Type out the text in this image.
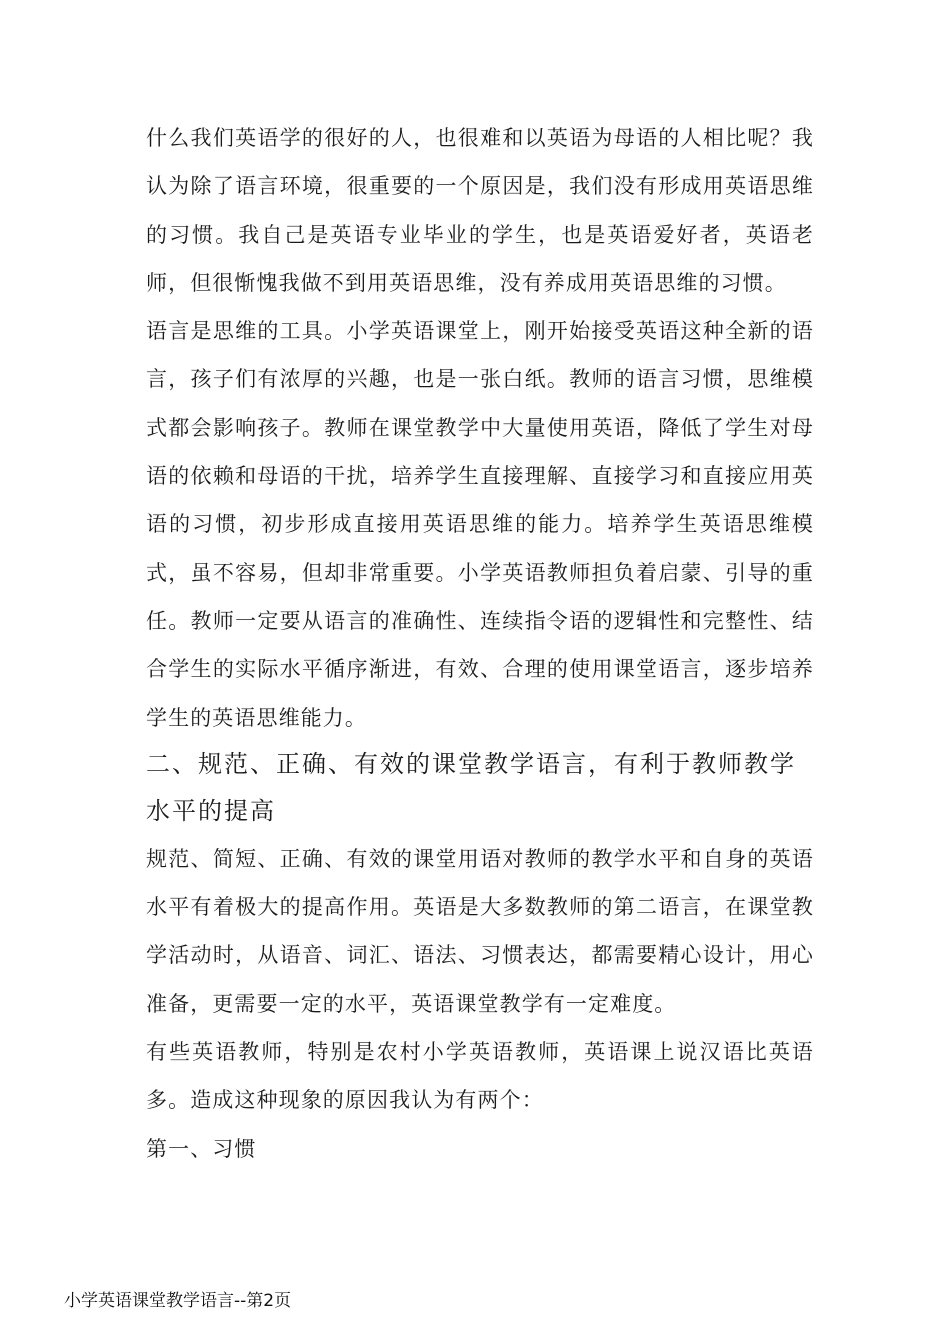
什么我们英语学的很好的人，也很难和以英语为母语的人相比呢？我认为除了语言环境，很重要的一个原因是，我们没有形成用英语思维的习惯。我自己是英语专业毕业的学生，也是英语爱好者，英语老师，但很惭愧我做不到用英语思维，没有养成用英语思维的习惯。

语言是思维的工具。小学英语课堂上，刚开始接受英语这种全新的语言，孩子们有浓厚的兴趣，也是一张白纸。教师的语言习惯，思维模式都会影响孩子。教师在课堂教学中大量使用英语，降低了学生对母语的依赖和母语的干扰，培养学生直接理解、直接学习和直接应用英语的习惯，初步形成直接用英语思维的能力。培养学生英语思维模式，虽不容易，但却非常重要。小学英语教师担负着启蒙、引导的重任。教师一定要从语言的准确性、连续指令语的逻辑性和完整性、结合学生的实际水平循序渐进，有效、合理的使用课堂语言，逐步培养学生的英语思维能力。

二、规范、正确、有效的课堂教学语言，有利于教师教学水平的提高

规范、简短、正确、有效的课堂用语对教师的教学水平和自身的英语水平有着极大的提高作用。英语是大多数教师的第二语言，在课堂教学活动时，从语音、词汇、语法、习惯表达，都需要精心设计，用心准备，更需要一定的水平，英语课堂教学有一定难度。

有些英语教师，特别是农村小学英语教师，英语课上说汉语比英语多。造成这种现象的原因我认为有两个：

第一、习惯

小学英语课堂教学语言--第2页
